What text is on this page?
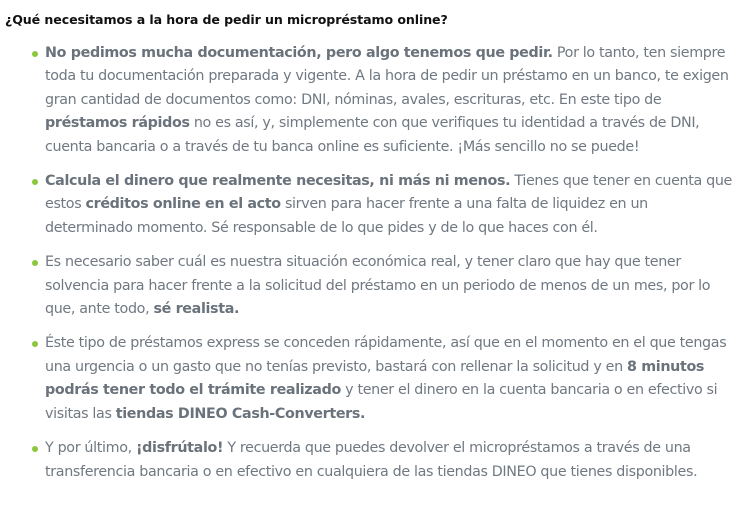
¿Qué necesitamos a la hora de pedir un micropréstamo online?
No pedimos mucha documentación, pero algo tenemos que pedir. Por lo tanto, ten siempre toda tu documentación preparada y vigente. A la hora de pedir un préstamo en un banco, te exigen gran cantidad de documentos como: DNI, nóminas, avales, escrituras, etc. En este tipo de préstamos rápidos no es así, y, simplemente con que verifiques tu identidad a través de DNI, cuenta bancaria o a través de tu banca online es suficiente. ¡Más sencillo no se puede!
Calcula el dinero que realmente necesitas, ni más ni menos. Tienes que tener en cuenta que estos créditos online en el acto sirven para hacer frente a una falta de liquidez en un determinado momento. Sé responsable de lo que pides y de lo que haces con él.
Es necesario saber cuál es nuestra situación económica real, y tener claro que hay que tener solvencia para hacer frente a la solicitud del préstamo en un periodo de menos de un mes, por lo que, ante todo, sé realista.
Éste tipo de préstamos express se conceden rápidamente, así que en el momento en el que tengas una urgencia o un gasto que no tenías previsto, bastará con rellenar la solicitud y en 8 minutos podrás tener todo el trámite realizado y tener el dinero en la cuenta bancaria o en efectivo si visitas las tiendas DINEO Cash-Converters.
Y por último, ¡disfrútalo! Y recuerda que puedes devolver el micropréstamos a través de una transferencia bancaria o en efectivo en cualquiera de las tiendas DINEO que tienes disponibles.
